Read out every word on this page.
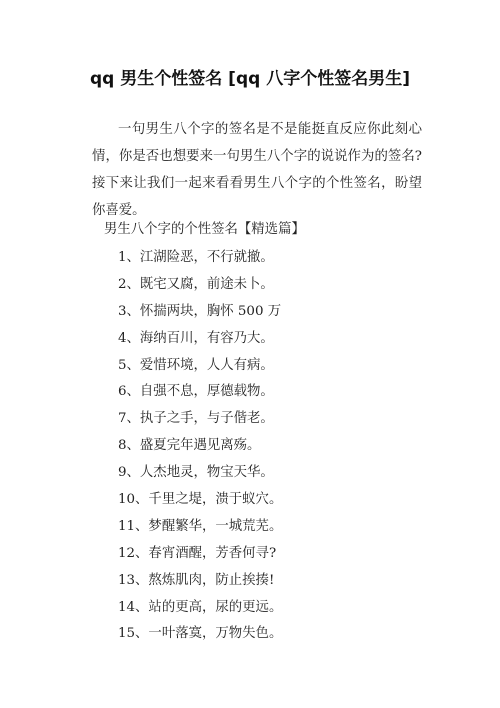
qq 男生个性签名 [qq 八字个性签名男生]
一句男生八个字的签名是不是能挺直反应你此刻心情，你是否也想要来一句男生八个字的说说作为的签名?接下来让我们一起来看看男生八个字的个性签名，盼望你喜爱。
男生八个字的个性签名【精选篇】
1、江湖险恶，不行就撤。
2、既宅又腐，前途未卜。
3、怀揣两块，胸怀 500 万
4、海纳百川，有容乃大。
5、爱惜环境，人人有病。
6、自强不息，厚德载物。
7、执子之手，与子偕老。
8、盛夏完年遇见离殇。
9、人杰地灵，物宝天华。
10、千里之堤，溃于蚁穴。
11、梦醒繁华，一城荒芜。
12、春宵酒醒，芳香何寻?
13、熬炼肌肉，防止挨揍!
14、站的更高，尿的更远。
15、一叶落寞，万物失色。
